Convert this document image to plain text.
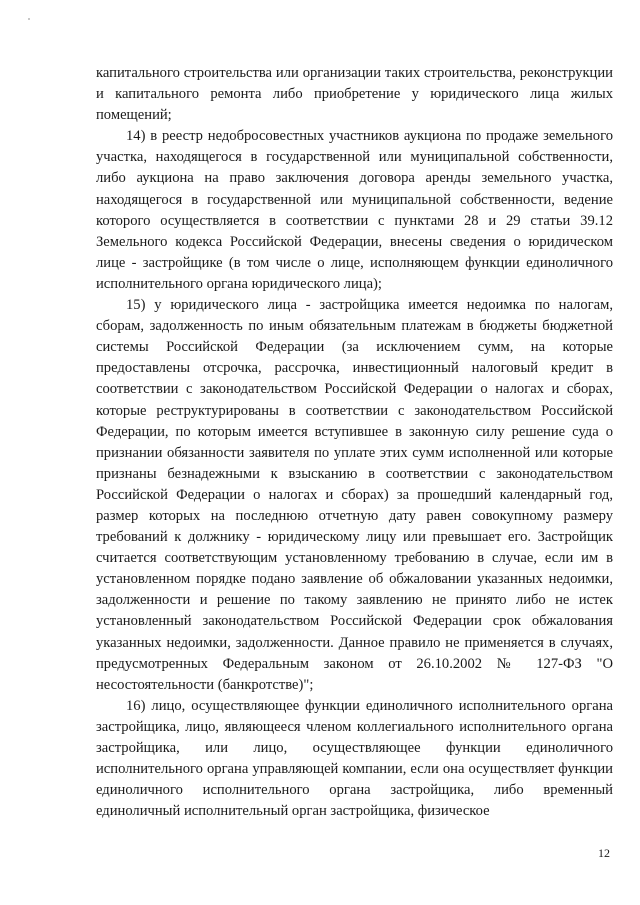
капитального строительства или организации таких строительства, реконструкции и капитального ремонта либо приобретение у юридического лица жилых помещений;

14) в реестр недобросовестных участников аукциона по продаже земельного участка, находящегося в государственной или муниципальной собственности, либо аукциона на право заключения договора аренды земельного участка, находящегося в государственной или муниципальной собственности, ведение которого осуществляется в соответствии с пунктами 28 и 29 статьи 39.12 Земельного кодекса Российской Федерации, внесены сведения о юридическом лице - застройщике (в том числе о лице, исполняющем функции единоличного исполнительного органа юридического лица);

15) у юридического лица - застройщика имеется недоимка по налогам, сборам, задолженность по иным обязательным платежам в бюджеты бюджетной системы Российской Федерации (за исключением сумм, на которые предоставлены отсрочка, рассрочка, инвестиционный налоговый кредит в соответствии с законодательством Российской Федерации о налогах и сборах, которые реструктурированы в соответствии с законодательством Российской Федерации, по которым имеется вступившее в законную силу решение суда о признании обязанности заявителя по уплате этих сумм исполненной или которые признаны безнадежными к взысканию в соответствии с законодательством Российской Федерации о налогах и сборах) за прошедший календарный год, размер которых на последнюю отчетную дату равен совокупному размеру требований к должнику - юридическому лицу или превышает его. Застройщик считается соответствующим установленному требованию в случае, если им в установленном порядке подано заявление об обжаловании указанных недоимки, задолженности и решение по такому заявлению не принято либо не истек установленный законодательством Российской Федерации срок обжалования указанных недоимки, задолженности. Данное правило не применяется в случаях, предусмотренных Федеральным законом от 26.10.2002 № 127-ФЗ "О несостоятельности (банкротстве)";

16) лицо, осуществляющее функции единоличного исполнительного органа застройщика, лицо, являющееся членом коллегиального исполнительного органа застройщика, или лицо, осуществляющее функции единоличного исполнительного органа управляющей компании, если она осуществляет функции единоличного исполнительного органа застройщика, либо временный единоличный исполнительный орган застройщика, физическое

12
